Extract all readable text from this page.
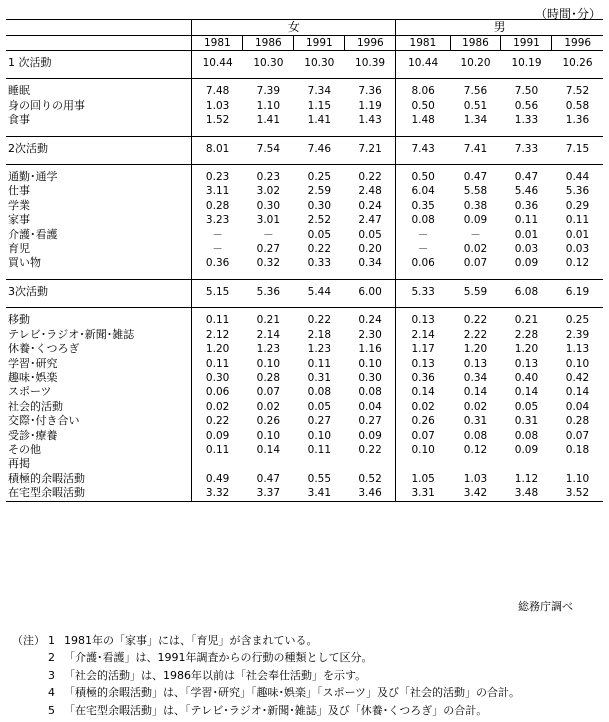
（時間･分）
	女				男			
	1981	1986	1991	1996	1981	1986	1991	1996

1 次活動	10.44	10.30	10.30	10.39	10.44	10.20	10.19	10.26

睡眠	7.48	7.39	7.34	7.36	8.06	7.56	7.50	7.52
身の回りの用事	1.03	1.10	1.15	1.19	0.50	0.51	0.56	0.58
食事	1.52	1.41	1.41	1.43	1.48	1.34	1.33	1.36

2次活動	8.01	7.54	7.46	7.21	7.43	7.41	7.33	7.15

通勤･通学	0.23	0.23	0.25	0.22	0.50	0.47	0.47	0.44
仕事	3.11	3.02	2.59	2.48	6.04	5.58	5.46	5.36
学業	0.28	0.30	0.30	0.24	0.35	0.38	0.36	0.29
家事	3.23	3.01	2.52	2.47	0.08	0.09	0.11	0.11
介護･看護	－	－	0.05	0.05	－	－	0.01	0.01
育児	－	0.27	0.22	0.20	－	0.02	0.03	0.03
買い物	0.36	0.32	0.33	0.34	0.06	0.07	0.09	0.12

3次活動	5.15	5.36	5.44	6.00	5.33	5.59	6.08	6.19

移動	0.11	0.21	0.22	0.24	0.13	0.22	0.21	0.25
テレビ･ラジオ･新聞･雑誌	2.12	2.14	2.18	2.30	2.14	2.22	2.28	2.39
休養･くつろぎ	1.20	1.23	1.23	1.16	1.17	1.20	1.20	1.13
学習･研究	0.11	0.10	0.11	0.10	0.13	0.13	0.13	0.10
趣味･娯楽	0.30	0.28	0.31	0.30	0.36	0.34	0.40	0.42
スポーツ	0.06	0.07	0.08	0.08	0.14	0.14	0.14	0.14
社会的活動	0.02	0.02	0.05	0.04	0.02	0.02	0.05	0.04
交際･付き合い	0.22	0.26	0.27	0.27	0.26	0.31	0.31	0.28
受診･療養	0.09	0.10	0.10	0.09	0.07	0.08	0.08	0.07
その他	0.11	0.14	0.11	0.22	0.10	0.12	0.09	0.18
再掲								
積極的余暇活動	0.49	0.47	0.55	0.52	1.05	1.03	1.12	1.10
在宅型余暇活動	3.32	3.37	3.41	3.46	3.31	3.42	3.48	3.52
総務庁調べ
（注） 1 1981年の「家事」には、「育児」が含まれている。
2 「介護･看護」は、1991年調査からの行動の種類として区分。
3 「社会的活動」は、1986年以前は「社会奉仕活動」を示す。
4 「積極的余暇活動」は、「学習･研究」「趣味･娯楽」「スポーツ」及び「社会的活動」の合計。
5 「在宅型余暇活動」は、「テレビ･ラジオ･新聞･雑誌」及び「休養･くつろぎ」の合計。
